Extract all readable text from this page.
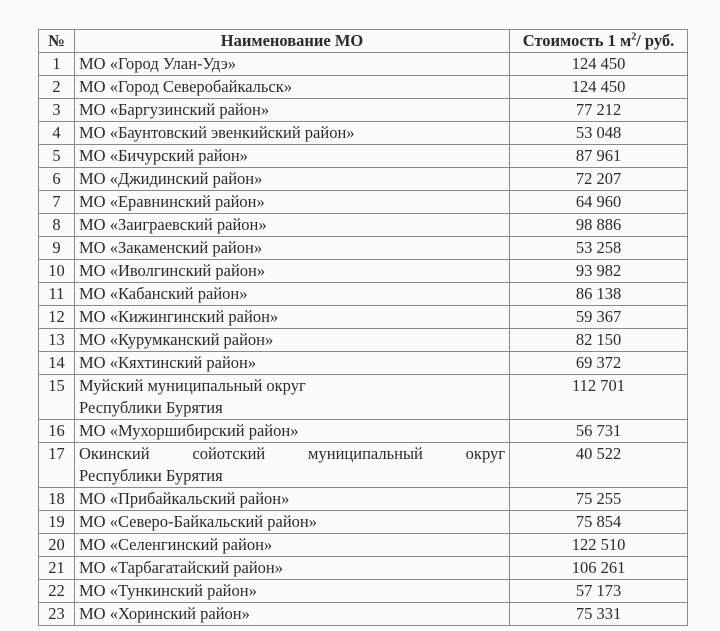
№	Наименование МО	Стоимость 1 $м^2/$ руб.
1	МО «Город Улан-Удэ»	124 450
2	МО «Город Северобайкальск»	124 450
3	МО «Баргузинский район»	77 212
4	МО «Баунтовский эвенкийский район»	53 048
5	МО «Бичурский район»	87 961
6	МО «Джидинский район»	72 207
7	МО «Еравнинский район»	64 960
8	МО «Заиграевский район»	98 886
9	МО «Закаменский район»	53 258
10	МО «Иволгинский район»	93 982
11	МО «Кабанский район»	86 138
12	МО «Кижингинский район»	59 367
13	МО «Курумканский район»	82 150
14	МО «Кяхтинский район»	69 372
15	Муйский муниципальный округ
Республики Бурятия	112 701
16	МО «Мухоршибирский район»	56 731
17	Окинский сойотский муниципальный округ
Республики Бурятия	40 522
18	МО «Прибайкальский район»	75 255
19	МО «Северо-Байкальский район»	75 854
20	МО «Селенгинский район»	122 510
21	МО «Тарбагатайский район»	106 261
22	МО «Тункинский район»	57 173
23	МО «Хоринский район»	75 331
